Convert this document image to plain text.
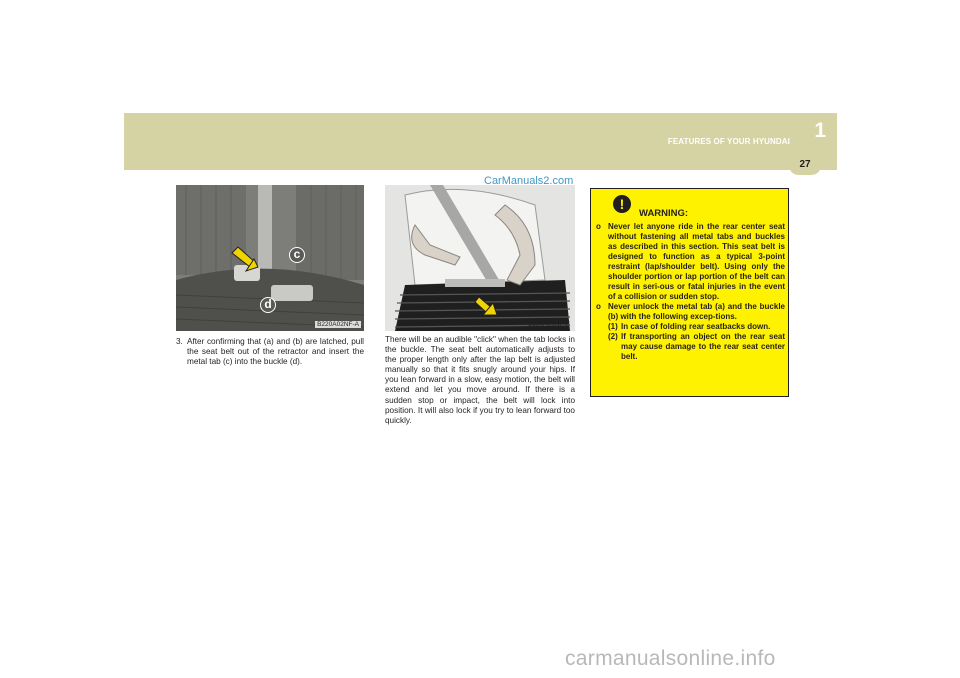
1
FEATURES OF YOUR HYUNDAI
27
c
d
B220A02NF-A	B180A01NF-E
CarManuals2.com
3. After confirming that (a) and (b) are latched, pull the seat belt out of the retractor and insert the metal tab (c) into the buckle (d).
There will be an audible "click" when the tab locks in the buckle. The seat belt automatically adjusts to the proper length only after the lap belt is adjusted manually so that it fits snugly around your hips. If you lean forward in a slow, easy motion, the belt will extend and let you move around. If there is a sudden stop or impact, the belt will lock into position. It will also lock if you try to lean forward too quickly.
!
WARNING:
o Never let anyone ride in the rear center seat without fastening all metal tabs and buckles as described in this section. This seat belt is designed to function as a typical 3-point restraint (lap/shoulder belt). Using only the shoulder portion or lap portion of the belt can result in seri-ous or fatal injuries in the event of a collision or sudden stop.
o Never unlock the metal tab (a) and the buckle (b) with the following excep-tions.
(1) In case of folding rear seatbacks down.
(2) If transporting an object on the rear seat may cause damage to the rear seat center belt.
carmanualsonline.info
